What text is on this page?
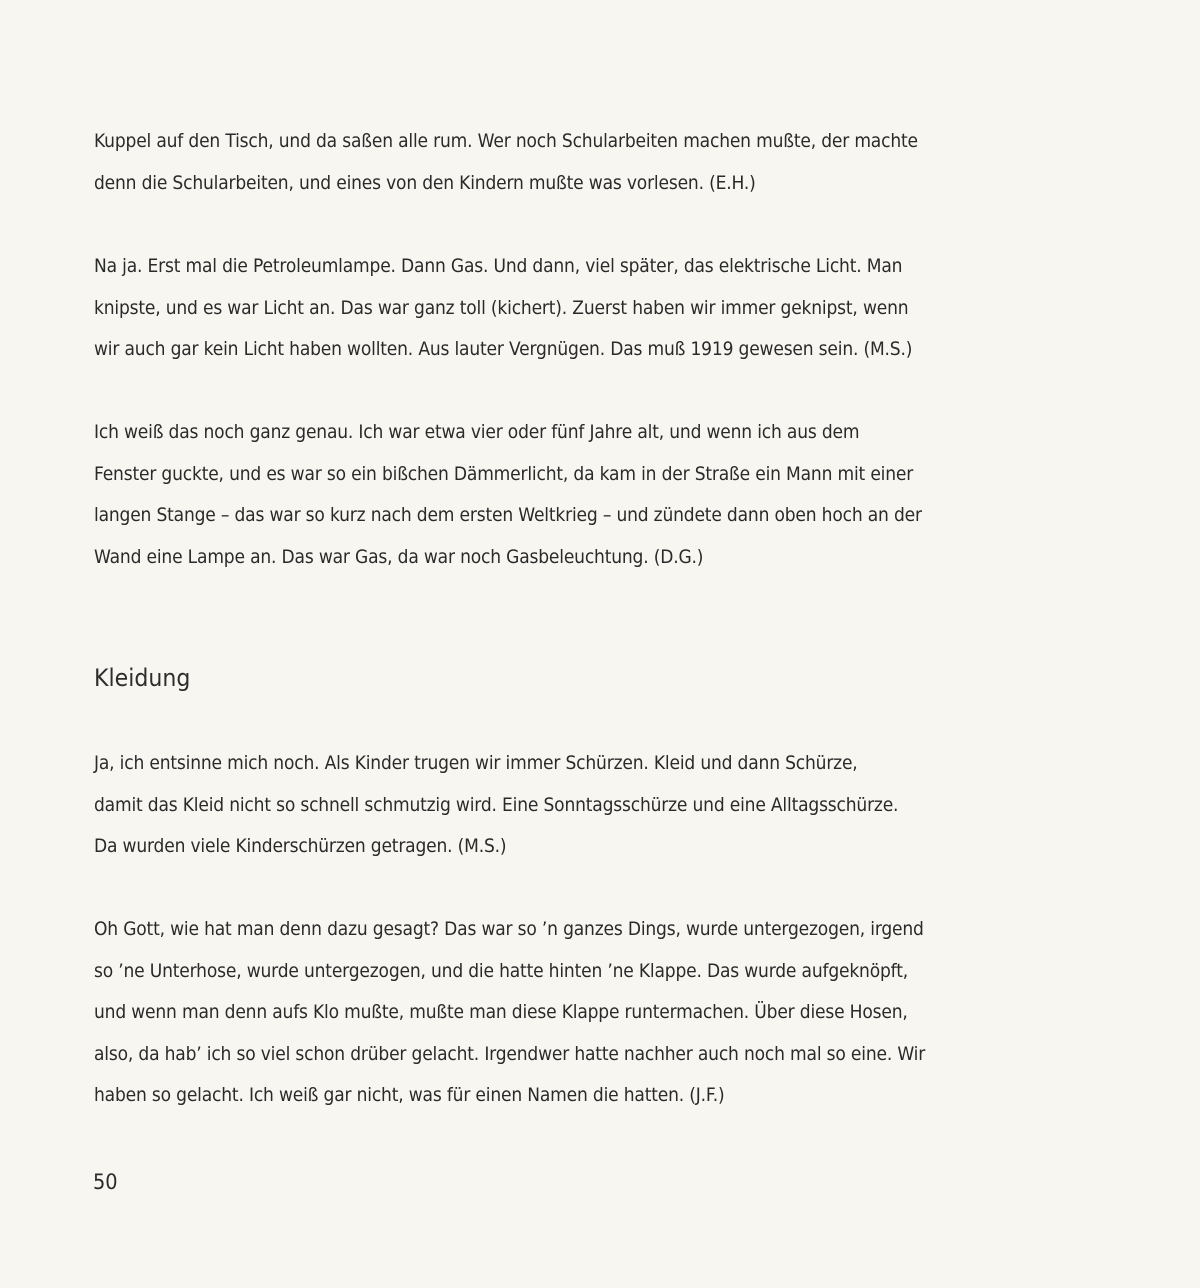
Kuppel auf den Tisch, und da saßen alle rum. Wer noch Schularbeiten machen mußte, der machte
denn die Schularbeiten, und eines von den Kindern mußte was vorlesen. (E.H.)

Na ja. Erst mal die Petroleumlampe. Dann Gas. Und dann, viel später, das elektrische Licht. Man
knipste, und es war Licht an. Das war ganz toll (kichert). Zuerst haben wir immer geknipst, wenn
wir auch gar kein Licht haben wollten. Aus lauter Vergnügen. Das muß 1919 gewesen sein. (M.S.)

Ich weiß das noch ganz genau. Ich war etwa vier oder fünf Jahre alt, und wenn ich aus dem
Fenster guckte, und es war so ein bißchen Dämmerlicht, da kam in der Straße ein Mann mit einer
langen Stange – das war so kurz nach dem ersten Weltkrieg – und zündete dann oben hoch an der
Wand eine Lampe an. Das war Gas, da war noch Gasbeleuchtung. (D.G.)

Kleidung

Ja, ich entsinne mich noch. Als Kinder trugen wir immer Schürzen. Kleid und dann Schürze,
damit das Kleid nicht so schnell schmutzig wird. Eine Sonntagsschürze und eine Alltagsschürze.
Da wurden viele Kinderschürzen getragen. (M.S.)

Oh Gott, wie hat man denn dazu gesagt? Das war so ’n ganzes Dings, wurde untergezogen, irgend
so ’ne Unterhose, wurde untergezogen, und die hatte hinten ’ne Klappe. Das wurde aufgeknöpft,
und wenn man denn aufs Klo mußte, mußte man diese Klappe runtermachen. Über diese Hosen,
also, da hab’ ich so viel schon drüber gelacht. Irgendwer hatte nachher auch noch mal so eine. Wir
haben so gelacht. Ich weiß gar nicht, was für einen Namen die hatten. (J.F.)

50
